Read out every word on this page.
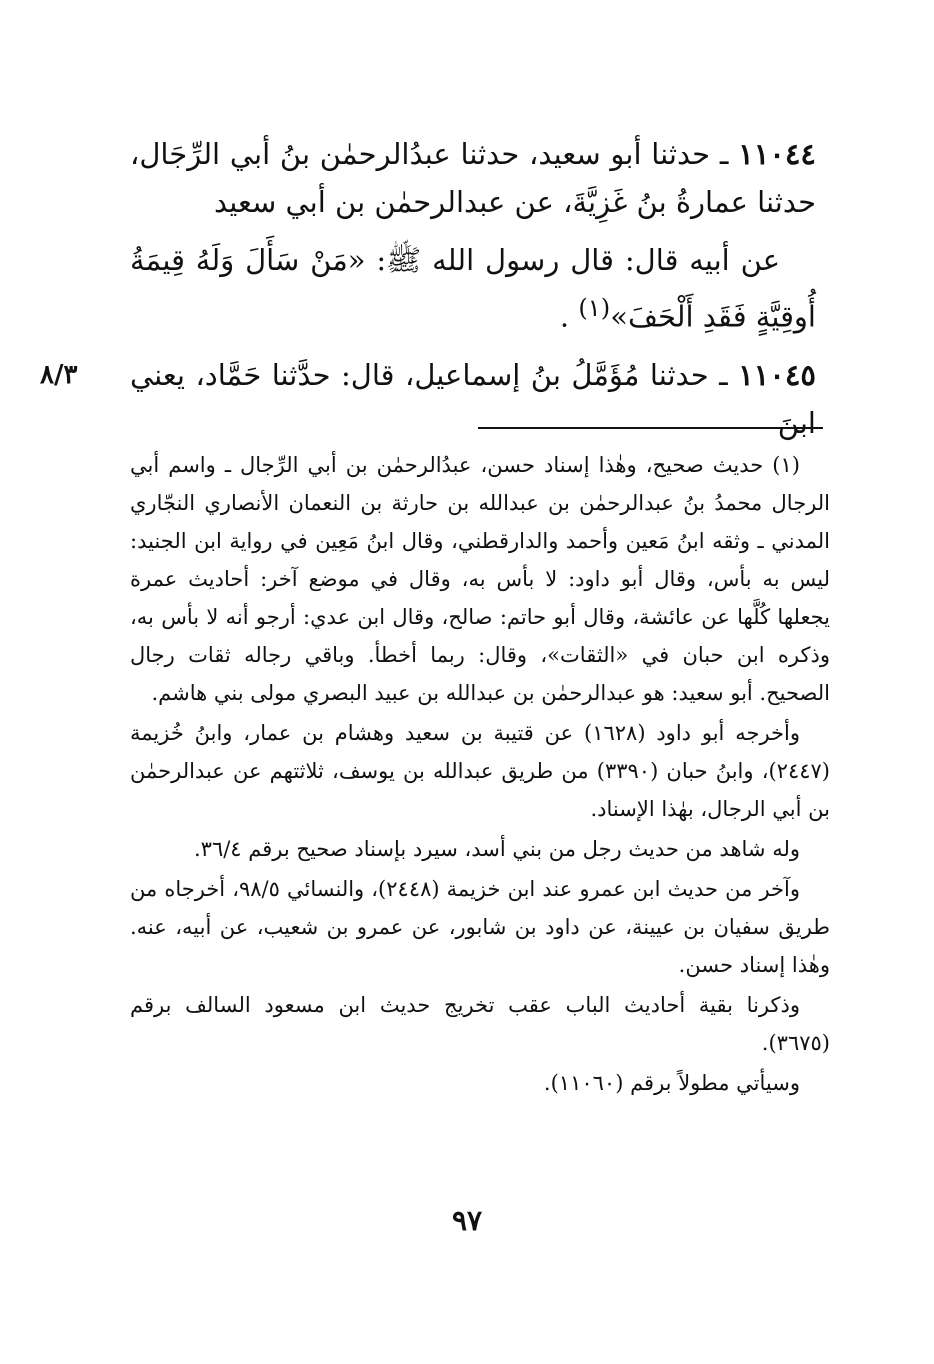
١١٠٤٤ ـ حدثنا أبو سعيد، حدثنا عبدُالرحمٰن بنُ أبي الرِّجَال، حدثنا عمارةُ بنُ غَزِيَّةَ، عن عبدالرحمٰن بن أبي سعيد

عن أبيه قال: قال رسول الله ﷺ: «مَنْ سَأَلَ وَلَهُ قِيمَةُ أُوقِيَّةٍ فَقَدِ أَلْحَفَ»$^{(١)}$ .

١١٠٤٥ ـ حدثنا مُؤَمَّلُ بنُ إسماعيل، قال: حدَّثنا حَمَّاد، يعني ابنَ

٨/٣

(١) حديث صحيح، وهٰذا إسناد حسن، عبدُالرحمٰن بن أبي الرِّجال ـ واسم أبي الرجال محمدُ بنُ عبدالرحمٰن بن عبدالله بن حارثة بن النعمان الأنصاري النجّاري المدني ـ وثقه ابنُ مَعين وأحمد والدارقطني، وقال ابنُ مَعِين في رواية ابن الجنيد: ليس به بأس، وقال أبو داود: لا بأس به، وقال في موضع آخر: أحاديث عمرة يجعلها كُلَّها عن عائشة، وقال أبو حاتم: صالح، وقال ابن عدي: أرجو أنه لا بأس به، وذكره ابن حبان في «الثقات»، وقال: ربما أخطأ. وباقي رجاله ثقات رجال الصحيح. أبو سعيد: هو عبدالرحمٰن بن عبدالله بن عبيد البصري مولى بني هاشم.

وأخرجه أبو داود (١٦٢٨) عن قتيبة بن سعيد وهشام بن عمار، وابنُ خُزيمة (٢٤٤٧)، وابنُ حبان (٣٣٩٠) من طريق عبدالله بن يوسف، ثلاثتهم عن عبدالرحمٰن بن أبي الرجال، بهٰذا الإسناد.

وله شاهد من حديث رجل من بني أسد، سيرد بإسناد صحيح برقم ٣٦/٤.

وآخر من حديث ابن عمرو عند ابن خزيمة (٢٤٤٨)، والنسائي ٩٨/٥، أخرجاه من طريق سفيان بن عيينة، عن داود بن شابور، عن عمرو بن شعيب، عن أبيه، عنه. وهٰذا إسناد حسن.

وذكرنا بقية أحاديث الباب عقب تخريج حديث ابن مسعود السالف برقم (٣٦٧٥).

وسيأتي مطولاً برقم (١١٠٦٠).

٩٧
